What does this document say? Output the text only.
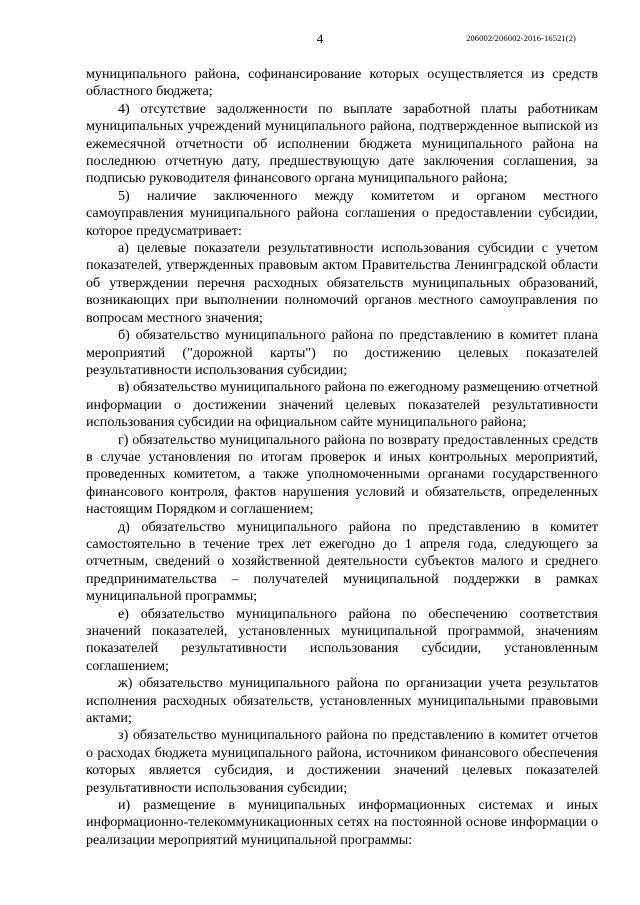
4	206002/206002-2016-16521(2)

муниципального района, софинансирование которых осуществляется из средств областного бюджета;

4) отсутствие задолженности по выплате заработной платы работникам муниципальных учреждений муниципального района, подтвержденное выпиской из ежемесячной отчетности об исполнении бюджета муниципального района на последнюю отчетную дату, предшествующую дате заключения соглашения, за подписью руководителя финансового органа муниципального района;

5) наличие заключенного между комитетом и органом местного самоуправления муниципального района соглашения о предоставлении субсидии, которое предусматривает:

а) целевые показатели результативности использования субсидии с учетом показателей, утвержденных правовым актом Правительства Ленинградской области об утверждении перечня расходных обязательств муниципальных образований, возникающих при выполнении полномочий органов местного самоуправления по вопросам местного значения;

б) обязательство муниципального района по представлению в комитет плана мероприятий ("дорожной карты") по достижению целевых показателей результативности использования субсидии;

в) обязательство муниципального района по ежегодному размещению отчетной информации о достижении значений целевых показателей результативности использования субсидии на официальном сайте муниципального района;

г) обязательство муниципального района по возврату предоставленных средств в случае установления по итогам проверок и иных контрольных мероприятий, проведенных комитетом, а также уполномоченными органами государственного финансового контроля, фактов нарушения условий и обязательств, определенных настоящим Порядком и соглашением;

д) обязательство муниципального района по представлению в комитет самостоятельно в течение трех лет ежегодно до 1 апреля года, следующего за отчетным, сведений о хозяйственной деятельности субъектов малого и среднего предпринимательства – получателей муниципальной поддержки в рамках муниципальной программы;

е) обязательство муниципального района по обеспечению соответствия значений показателей, установленных муниципальной программой, значениям показателей результативности использования субсидии, установленным соглашением;

ж) обязательство муниципального района по организации учета результатов исполнения расходных обязательств, установленных муниципальными правовыми актами;

з) обязательство муниципального района по представлению в комитет отчетов о расходах бюджета муниципального района, источником финансового обеспечения которых является субсидия, и достижении значений целевых показателей результативности использования субсидии;

и) размещение в муниципальных информационных системах и иных информационно-телекоммуникационных сетях на постоянной основе информации о реализации мероприятий муниципальной программы:
